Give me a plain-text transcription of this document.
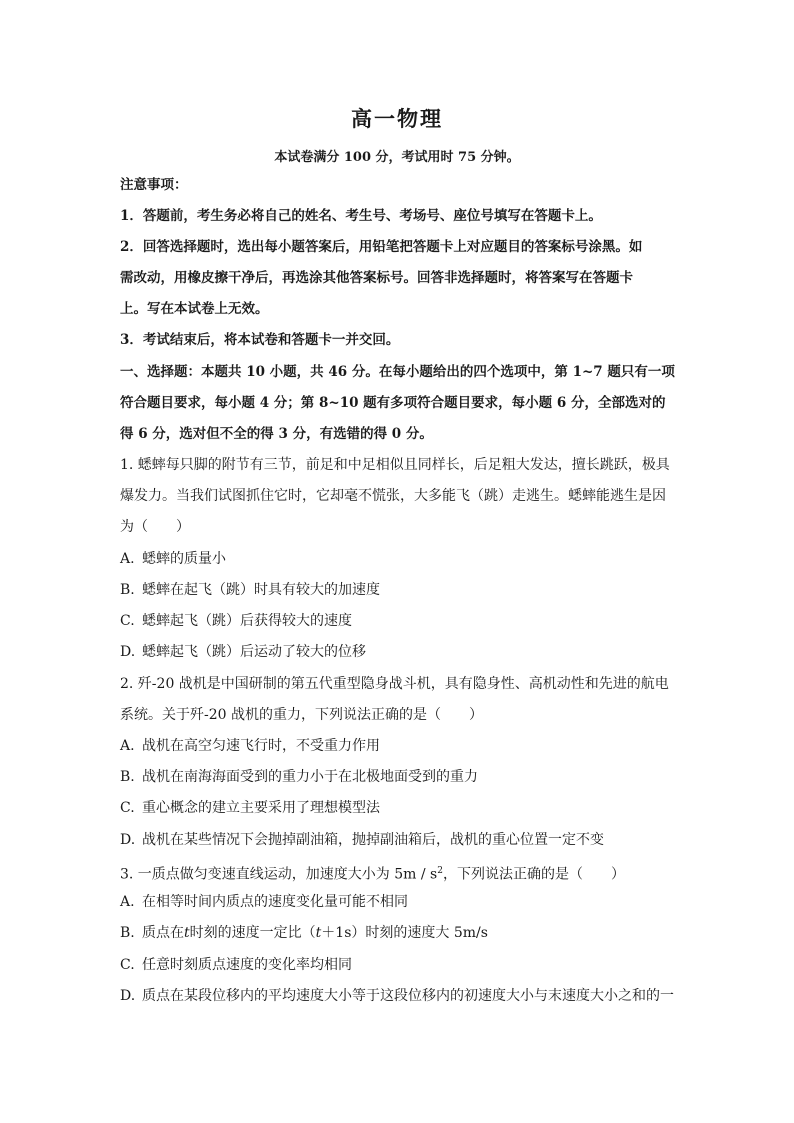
高一物理
本试卷满分 100 分，考试用时 75 分钟。
注意事项：
1．答题前，考生务必将自己的姓名、考生号、考场号、座位号填写在答题卡上。
2．回答选择题时，选出每小题答案后，用铅笔把答题卡上对应题目的答案标号涂黑。如
需改动，用橡皮擦干净后，再选涂其他答案标号。回答非选择题时，将答案写在答题卡
上。写在本试卷上无效。
3．考试结束后，将本试卷和答题卡一并交回。
一、选择题：本题共 10 小题，共 46 分。在每小题给出的四个选项中，第 1~7 题只有一项
符合题目要求，每小题 4 分；第 8~10 题有多项符合题目要求，每小题 6 分，全部选对的
得 6 分，选对但不全的得 3 分，有选错的得 0 分。
1. 蟋蟀每只脚的附节有三节，前足和中足相似且同样长，后足粗大发达，擅长跳跃，极具
爆发力。当我们试图抓住它时，它却毫不慌张，大多能飞（跳）走逃生。蟋蟀能逃生是因
为（　　）
A. 蟋蟀的质量小
B. 蟋蟀在起飞（跳）时具有较大的加速度
C. 蟋蟀起飞（跳）后获得较大的速度
D. 蟋蟀起飞（跳）后运动了较大的位移
2. 歼-20 战机是中国研制的第五代重型隐身战斗机，具有隐身性、高机动性和先进的航电
系统。关于歼-20 战机的重力，下列说法正确的是（　　）
A. 战机在高空匀速飞行时，不受重力作用
B. 战机在南海海面受到的重力小于在北极地面受到的重力
C. 重心概念的建立主要采用了理想模型法
D. 战机在某些情况下会抛掉副油箱，抛掉副油箱后，战机的重心位置一定不变
3. 一质点做匀变速直线运动，加速度大小为 $5m / s^2$，下列说法正确的是（　　）
A. 在相等时间内质点的速度变化量可能不相同
B. 质点在t时刻的速度一定比（t＋1s）时刻的速度大 5m/s
C. 任意时刻质点速度的变化率均相同
D. 质点在某段位移内的平均速度大小等于这段位移内的初速度大小与末速度大小之和的一
